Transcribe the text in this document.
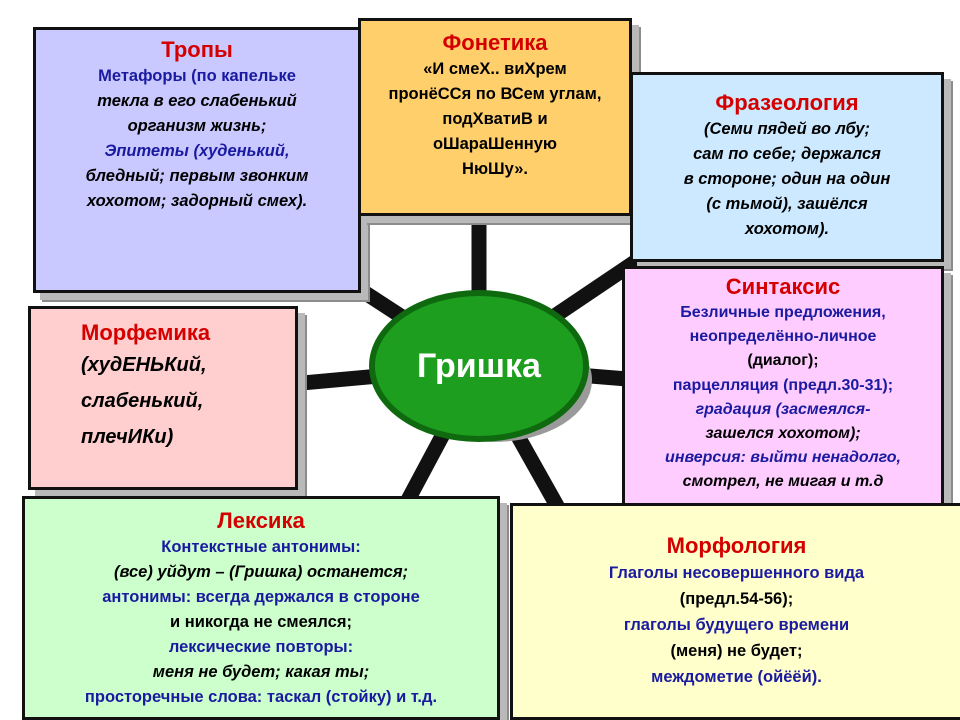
Гришка
Тропы
Метафоры (по капельке
текла в его слабенький
организм жизнь;
Эпитеты (худенький,
бледный; первым звонким
хохотом; задорный смех).
Фонетика
«И смеХ.. виХрем
пронёССя по ВСем углам,
подХватиВ и
оШараШенную
НюШу».
Фразеология
(Семи пядей во лбу;
сам по себе; держался
в стороне; один на один
(с тьмой), зашёлся
хохотом).
Морфемика
(худЕНЬКий,
слабенький,
плечИКи)
Синтаксис
Безличные предложения,
неопределённо-личное
(диалог);
парцелляция (предл.30-31);
градация (засмеялся-
зашелся хохотом);
инверсия: выйти ненадолго,
смотрел, не мигая и т.д
Лексика
Контекстные антонимы:
(все) уйдут – (Гришка) останется;
антонимы: всегда держался в стороне
и никогда не смеялся;
лексические повторы:
меня не будет; какая ты;
просторечные слова: таскал (стойку) и т.д.
Морфология
Глаголы несовершенного вида
(предл.54-56);
глаголы будущего времени
(меня) не будет;
междометие (ойёёй).
